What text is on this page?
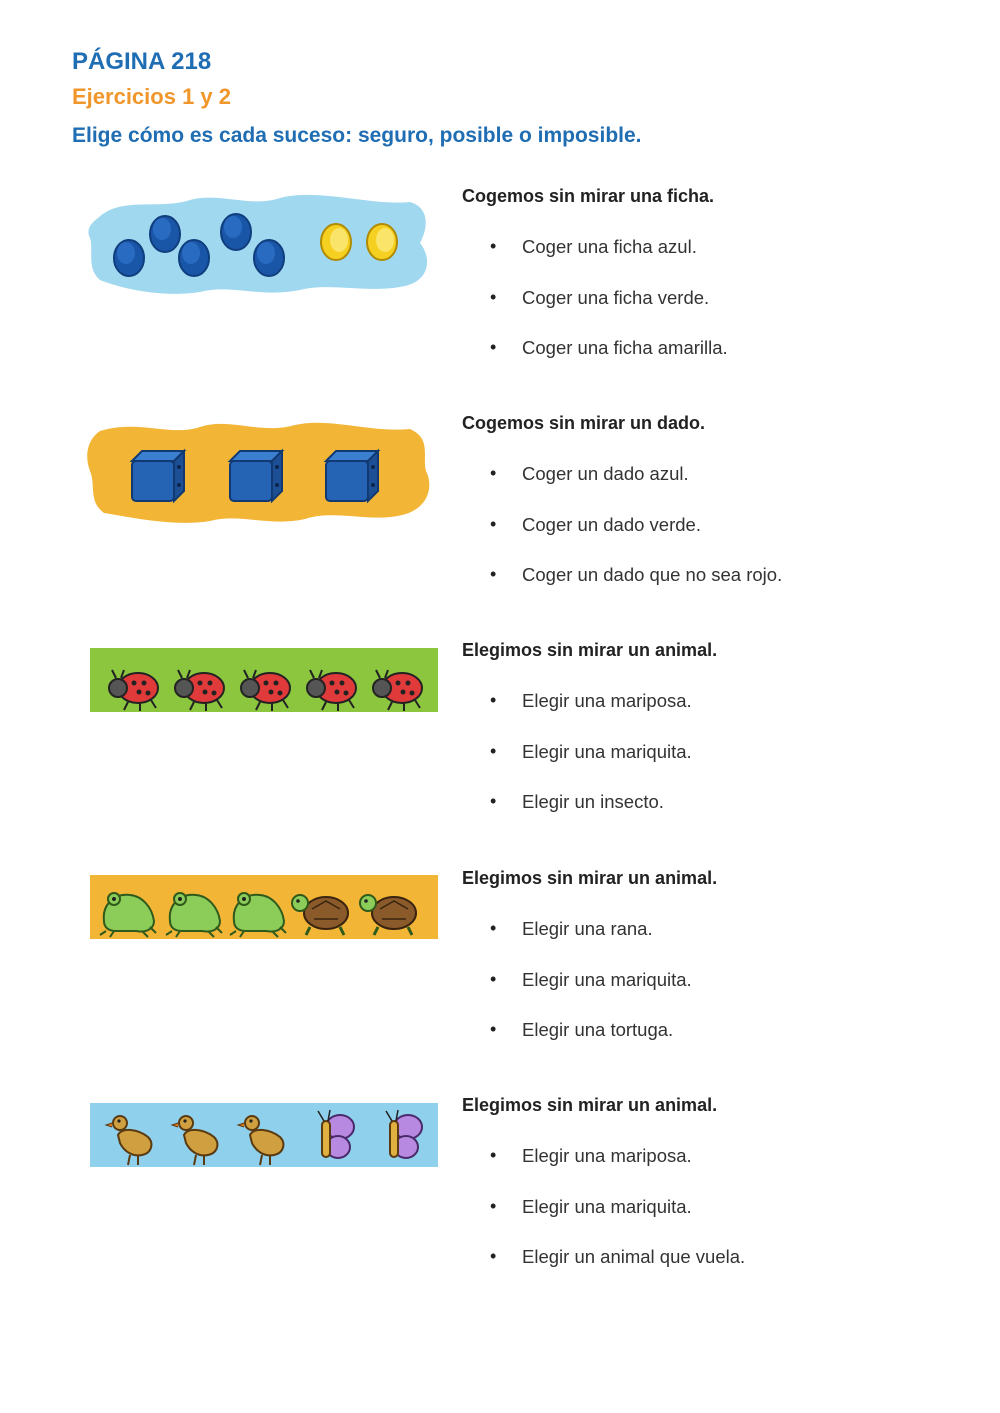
PÁGINA 218
Ejercicios 1 y 2
Elige cómo es cada suceso: seguro, posible o imposible.
Cogemos sin mirar una ficha.
• Coger una ficha azul.
• Coger una ficha verde.
• Coger una ficha amarilla.
Cogemos sin mirar un dado.
• Coger un dado azul.
• Coger un dado verde.
• Coger un dado que no sea rojo.
Elegimos sin mirar un animal.
• Elegir una mariposa.
• Elegir una mariquita.
• Elegir un insecto.
Elegimos sin mirar un animal.
• Elegir una rana.
• Elegir una mariquita.
• Elegir una tortuga.
Elegimos sin mirar un animal.
• Elegir una mariposa.
• Elegir una mariquita.
• Elegir un animal que vuela.
